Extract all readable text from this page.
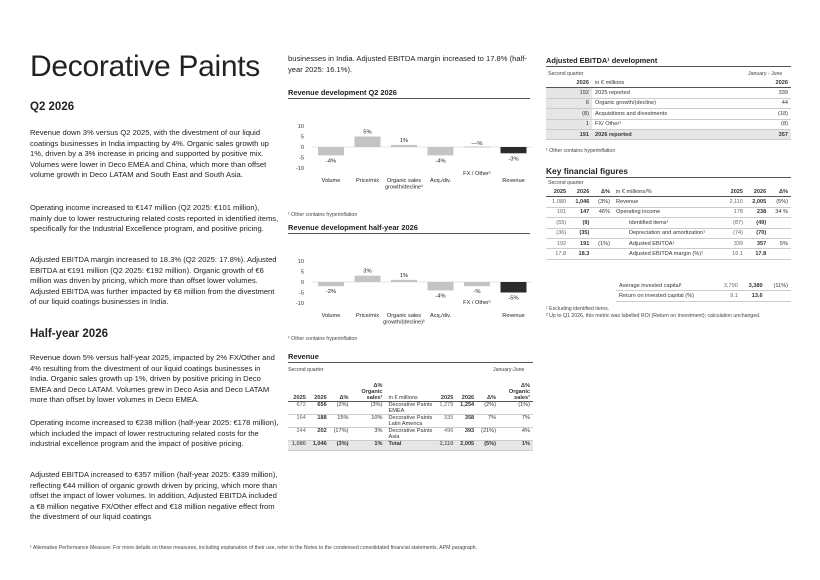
Decorative Paints
Q2 2026
Revenue down 3% versus Q2 2025, with the divestment of our liquid coatings businesses in India impacting by 4%. Organic sales growth up 1%, driven by a 3% increase in pricing and supported by positive mix. Volumes were lower in Deco EMEA and China, which more than offset volume growth in Deco LATAM and South East and South Asia.
Operating income increased to €147 million (Q2 2025: €101 million), mainly due to lower restructuring related costs reported in identified items, specifically for the Industrial Excellence program, and positive pricing.
Adjusted EBITDA margin increased to 18.3% (Q2 2025: 17.8%). Adjusted EBITDA at €191 million (Q2 2025: €192 million). Organic growth of €6 million was driven by pricing, which more than offset lower volumes. Adjusted EBITDA was further impacted by €8 million from the divestment of our liquid coatings businesses in India.
Half-year 2026
Revenue down 5% versus half-year 2025, impacted by 2% FX/Other and 4% resulting from the divestment of our liquid coatings businesses in India. Organic sales growth up 1%, driven by positive pricing in Deco EMEA and Deco LATAM. Volumes grew in Deco Asia and Deco LATAM more than offset by lower volumes in Deco EMEA.
Operating income increased to €238 million (half-year 2025: €178 million), which included the impact of lower restructuring related costs for the industrial excellence program and the impact of positive pricing.
Adjusted EBITDA increased to €357 million (half-year 2025: €339 million), reflecting €44 million of organic growth driven by pricing, which more than offset the impact of lower volumes. In addition, Adjusted EBITDA included a €8 million negative FX/Other effect and €18 million negative effect from the divestment of our liquid coatings
businesses in India. Adjusted EBITDA margin increased to 17.8% (half-year 2025: 16.1%).
Revenue development Q2 2026
10
5
0
-5
-10
-4%
Volume
5%
Price/mix
1%
Organic sales growth/decline¹
-4%
Acq./div.
—%
FX / Other¹
-3%
Revenue
¹ Other contains hyperinflation
Revenue development half-year 2026
10
5
0
-5
-10
-2%
Volume
3%
Price/mix
1%
Organic sales growth/(decline)¹
-4%
Acq./div.
-%
FX / Other¹
-5%
Revenue
¹ Other contains hyperinflation
Revenue
Second quarter	January-June
2025	2026	Δ%	Δ% Organic sales¹	in € millions	2025	2026	Δ%	Δ% Organic sales¹
672	656	(2%)	(3%)	Decorative Paints EMEA	1,279	1,254	(2%)	(1%)
164	188	15%	10%	Decorative Paints Latin America	335	358	7%	7%
244	202	(17%)	3%	Decorative Paints Asia	496	393	(21%)	4%
1,080	1,046	(3%)	1%	Total	2,110	2,005	(5%)	1%
Adjusted EBITDA¹ development
Second quarter	January - June
2026	in € millions	2026
192	2025 reported	339
6	Organic growth/(decline)	44
(8)	Acquisitions and divestments	(18)
1	FX/ Other¹	(8)
191	2026 reported	357
¹ Other contains hyperinflation
Key financial figures
Second quarter
2025	2026	Δ%	in € millions/%	2025	2026	Δ%
1,080	1,046	(3%)	Revenue	2,110	2,005	(5%)
101	147	46%	Operating income	178	238	34 %
(55)	(9)		Identified items¹	(87)	(49)	
(36)	(35)		Depreciation and amortization¹	(74)	(70)	
192	191	(1%)	Adjusted EBITDA¹	339	357	5%
17.8	18.3		Adjusted EBITDA margin (%)¹	16.1	17.8	
	Average invested capital¹	3,790	3,380	(11%)
	Return on invested capital (%)	9.1	13.6	
¹ Excluding identified items.
² Up to Q1 2026, this metric was labelled ROI (Return on Investment); calculation unchanged.
¹ Alternative Performance Measure: For more details on these measures, including explanation of their use, refer to the Notes to the condensed consolidated financial statements, APM paragraph.
